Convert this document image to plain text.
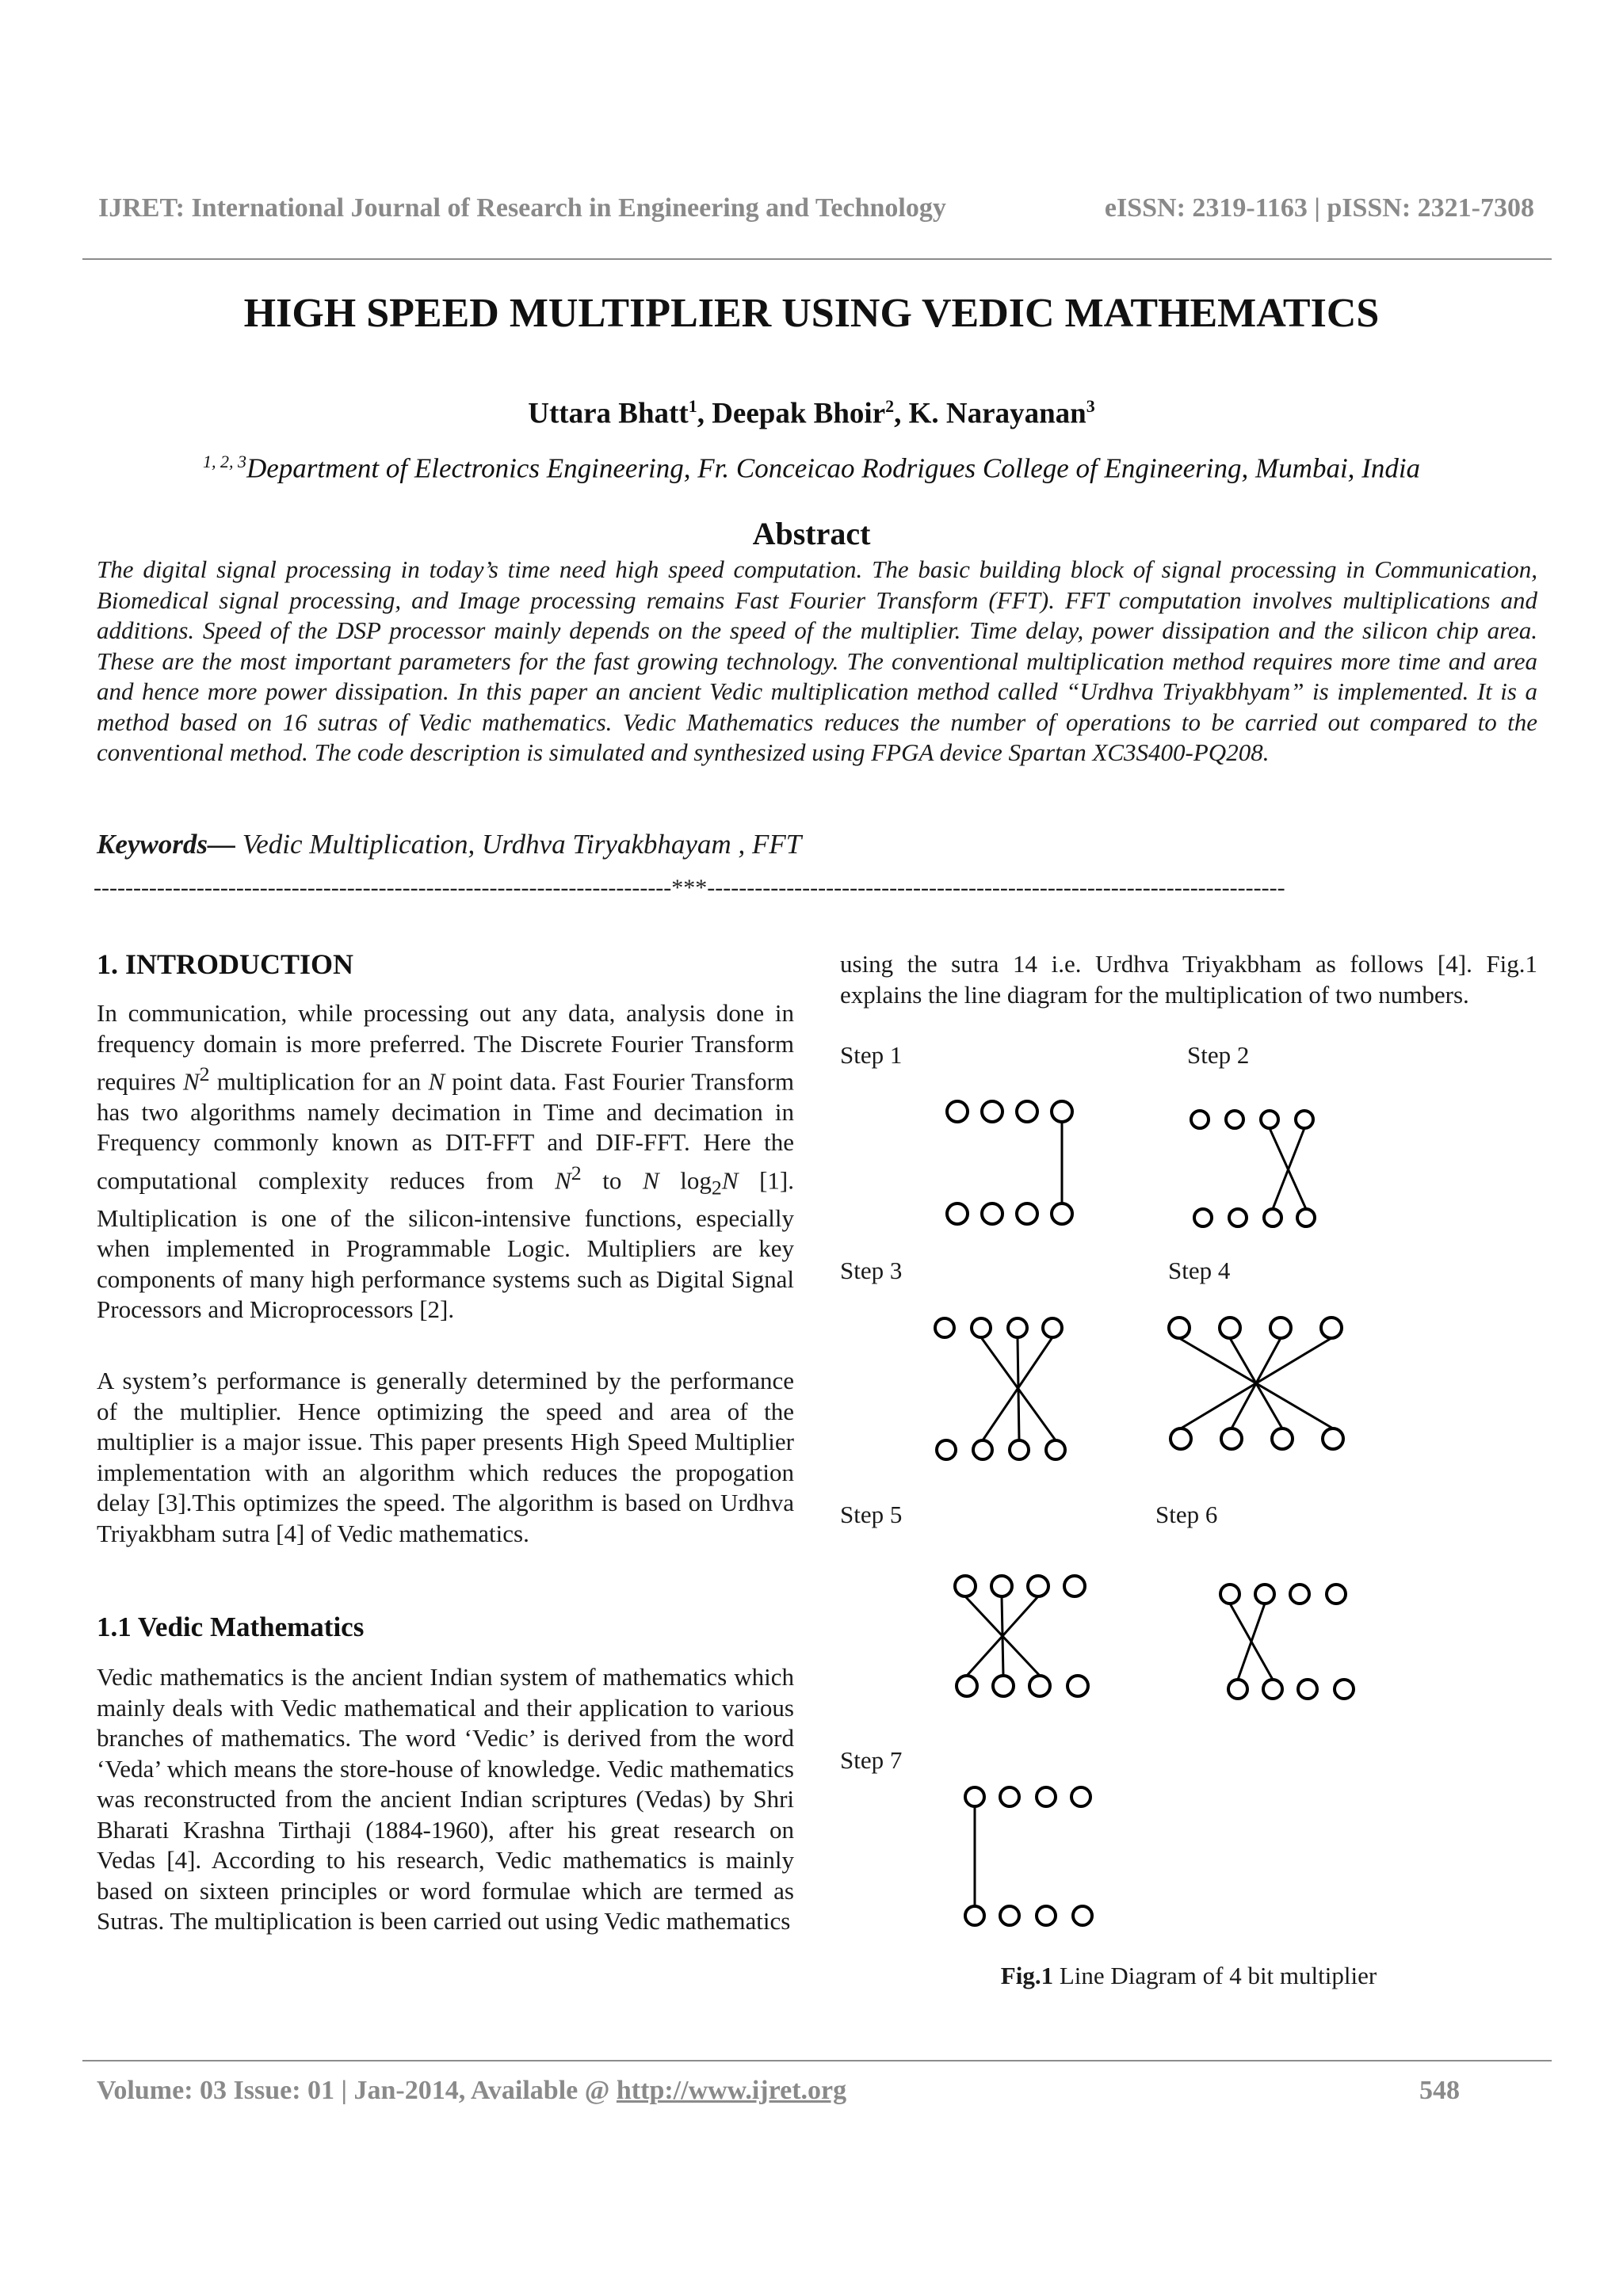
IJRET: International Journal of Research in Engineering and Technology	eISSN: 2319-1163 | pISSN: 2321-7308
HIGH SPEED MULTIPLIER USING VEDIC MATHEMATICS
Uttara Bhatt$^1$, Deepak Bhoir$^2$, K. Narayanan$^3$
$^{1, 2, 3}$Department of Electronics Engineering, Fr. Conceicao Rodrigues College of Engineering, Mumbai, India
Abstract
The digital signal processing in today’s time need high speed computation. The basic building block of signal processing in Communication, Biomedical signal processing, and Image processing remains Fast Fourier Transform (FFT). FFT computation involves multiplications and additions. Speed of the DSP processor mainly depends on the speed of the multiplier. Time delay, power dissipation and the silicon chip area. These are the most important parameters for the fast growing technology. The conventional multiplication method requires more time and area and hence more power dissipation. In this paper an ancient Vedic multiplication method called “Urdhva Triyakbhyam” is implemented. It is a method based on 16 sutras of Vedic mathematics. Vedic Mathematics reduces the number of operations to be carried out compared to the conventional method. The code description is simulated and synthesized using FPGA device Spartan XC3S400-PQ208.
Keywords— Vedic Multiplication, Urdhva Tiryakbhayam , FFT
-------------------------------------------------------------------------***-------------------------------------------------------------------------
1. INTRODUCTION

In communication, while processing out any data, analysis done in frequency domain is more preferred. The Discrete Fourier Transform requires $N^2$ multiplication for an N point data. Fast Fourier Transform has two algorithms namely decimation in Time and decimation in Frequency commonly known as DIT-FFT and DIF-FFT. Here the computational complexity reduces from $N^2$ to N $\log_2N$ [1]. Multiplication is one of the silicon-intensive functions, especially when implemented in Programmable Logic. Multipliers are key components of many high performance systems such as Digital Signal Processors and Microprocessors [2].

A system’s performance is generally determined by the performance of the multiplier. Hence optimizing the speed and area of the multiplier is a major issue. This paper presents High Speed Multiplier implementation with an algorithm which reduces the propogation delay [3].This optimizes the speed. The algorithm is based on Urdhva Triyakbham sutra [4] of Vedic mathematics.
1.1 Vedic Mathematics
Vedic mathematics is the ancient Indian system of mathematics which mainly deals with Vedic mathematical and their application to various branches of mathematics. The word ‘Vedic’ is derived from the word ‘Veda’ which means the store-house of knowledge. Vedic mathematics was reconstructed from the ancient Indian scriptures (Vedas) by Shri Bharati Krashna Tirthaji (1884-1960), after his great research on Vedas [4]. According to his research, Vedic mathematics is mainly based on sixteen principles or word formulae which are termed as Sutras. The multiplication is been carried out using Vedic mathematics
using the sutra 14 i.e. Urdhva Triyakbham as follows [4]. Fig.1 explains the line diagram for the multiplication of two numbers.
Step 1	Step 2
Step 3	Step 4
Step 5	Step 6
Step 7
Fig.1 Line Diagram of 4 bit multiplier
Volume: 03 Issue: 01 | Jan-2014, Available @ http://www.ijret.org	548
